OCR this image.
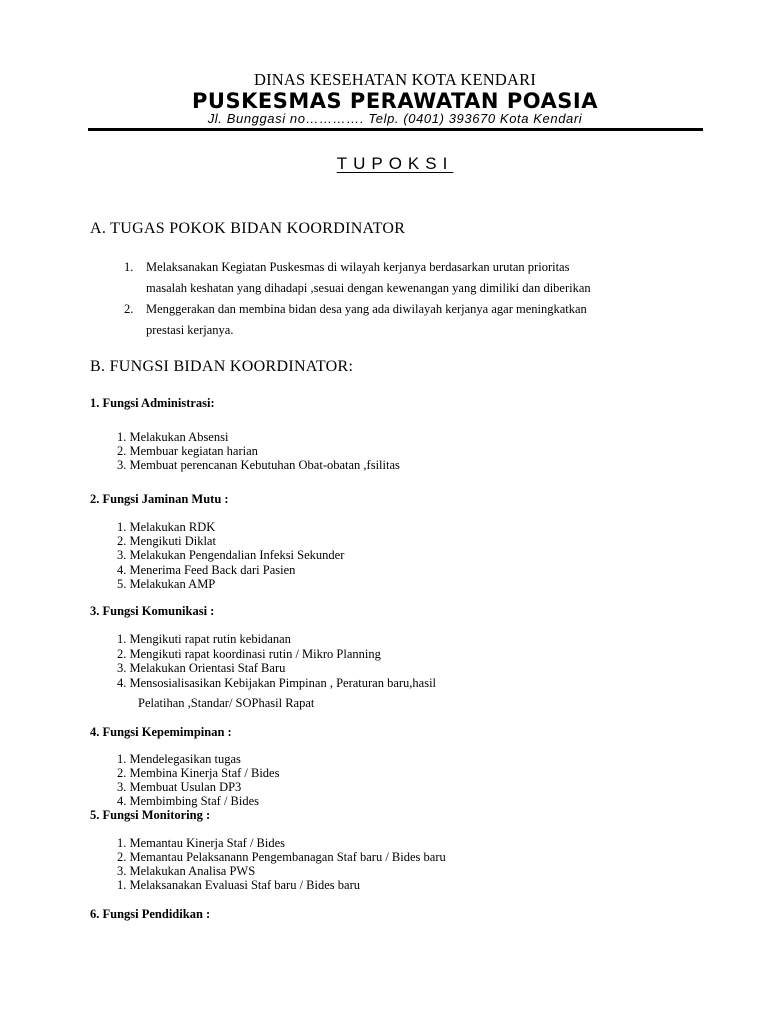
DINAS KESEHATAN KOTA KENDARI
PUSKESMAS PERAWATAN POASIA
Jl. Bunggasi no…………. Telp. (0401) 393670 Kota Kendari
TUPOKSI
A. TUGAS POKOK BIDAN KOORDINATOR
1. Melaksanakan Kegiatan Puskesmas di wilayah kerjanya berdasarkan urutan prioritas
masalah keshatan yang dihadapi ,sesuai dengan kewenangan yang dimiliki dan diberikan
2. Menggerakan dan membina bidan desa yang ada diwilayah kerjanya agar meningkatkan
prestasi kerjanya.
B. FUNGSI BIDAN KOORDINATOR:
1. Fungsi Administrasi:
1. Melakukan Absensi
2. Membuar kegiatan harian
3. Membuat perencanan Kebutuhan Obat-obatan ,fsilitas
2. Fungsi Jaminan Mutu :
1. Melakukan RDK
2. Mengikuti Diklat
3. Melakukan Pengendalian Infeksi Sekunder
4. Menerima Feed Back dari Pasien
5. Melakukan AMP
3. Fungsi Komunikasi :
1. Mengikuti rapat rutin kebidanan
2. Mengikuti rapat koordinasi rutin / Mikro Planning
3. Melakukan Orientasi Staf Baru
4. Mensosialisasikan Kebijakan Pimpinan , Peraturan baru,hasil
Pelatihan ,Standar/ SOPhasil Rapat
4. Fungsi Kepemimpinan :
1. Mendelegasikan tugas
2. Membina Kinerja Staf / Bides
3. Membuat Usulan DP3
4. Membimbing Staf / Bides
5. Fungsi Monitoring :
1. Memantau Kinerja Staf / Bides
2. Memantau Pelaksanann Pengembanagan Staf baru / Bides baru
3. Melakukan Analisa PWS
1. Melaksanakan Evaluasi Staf baru / Bides baru
6. Fungsi Pendidikan :
